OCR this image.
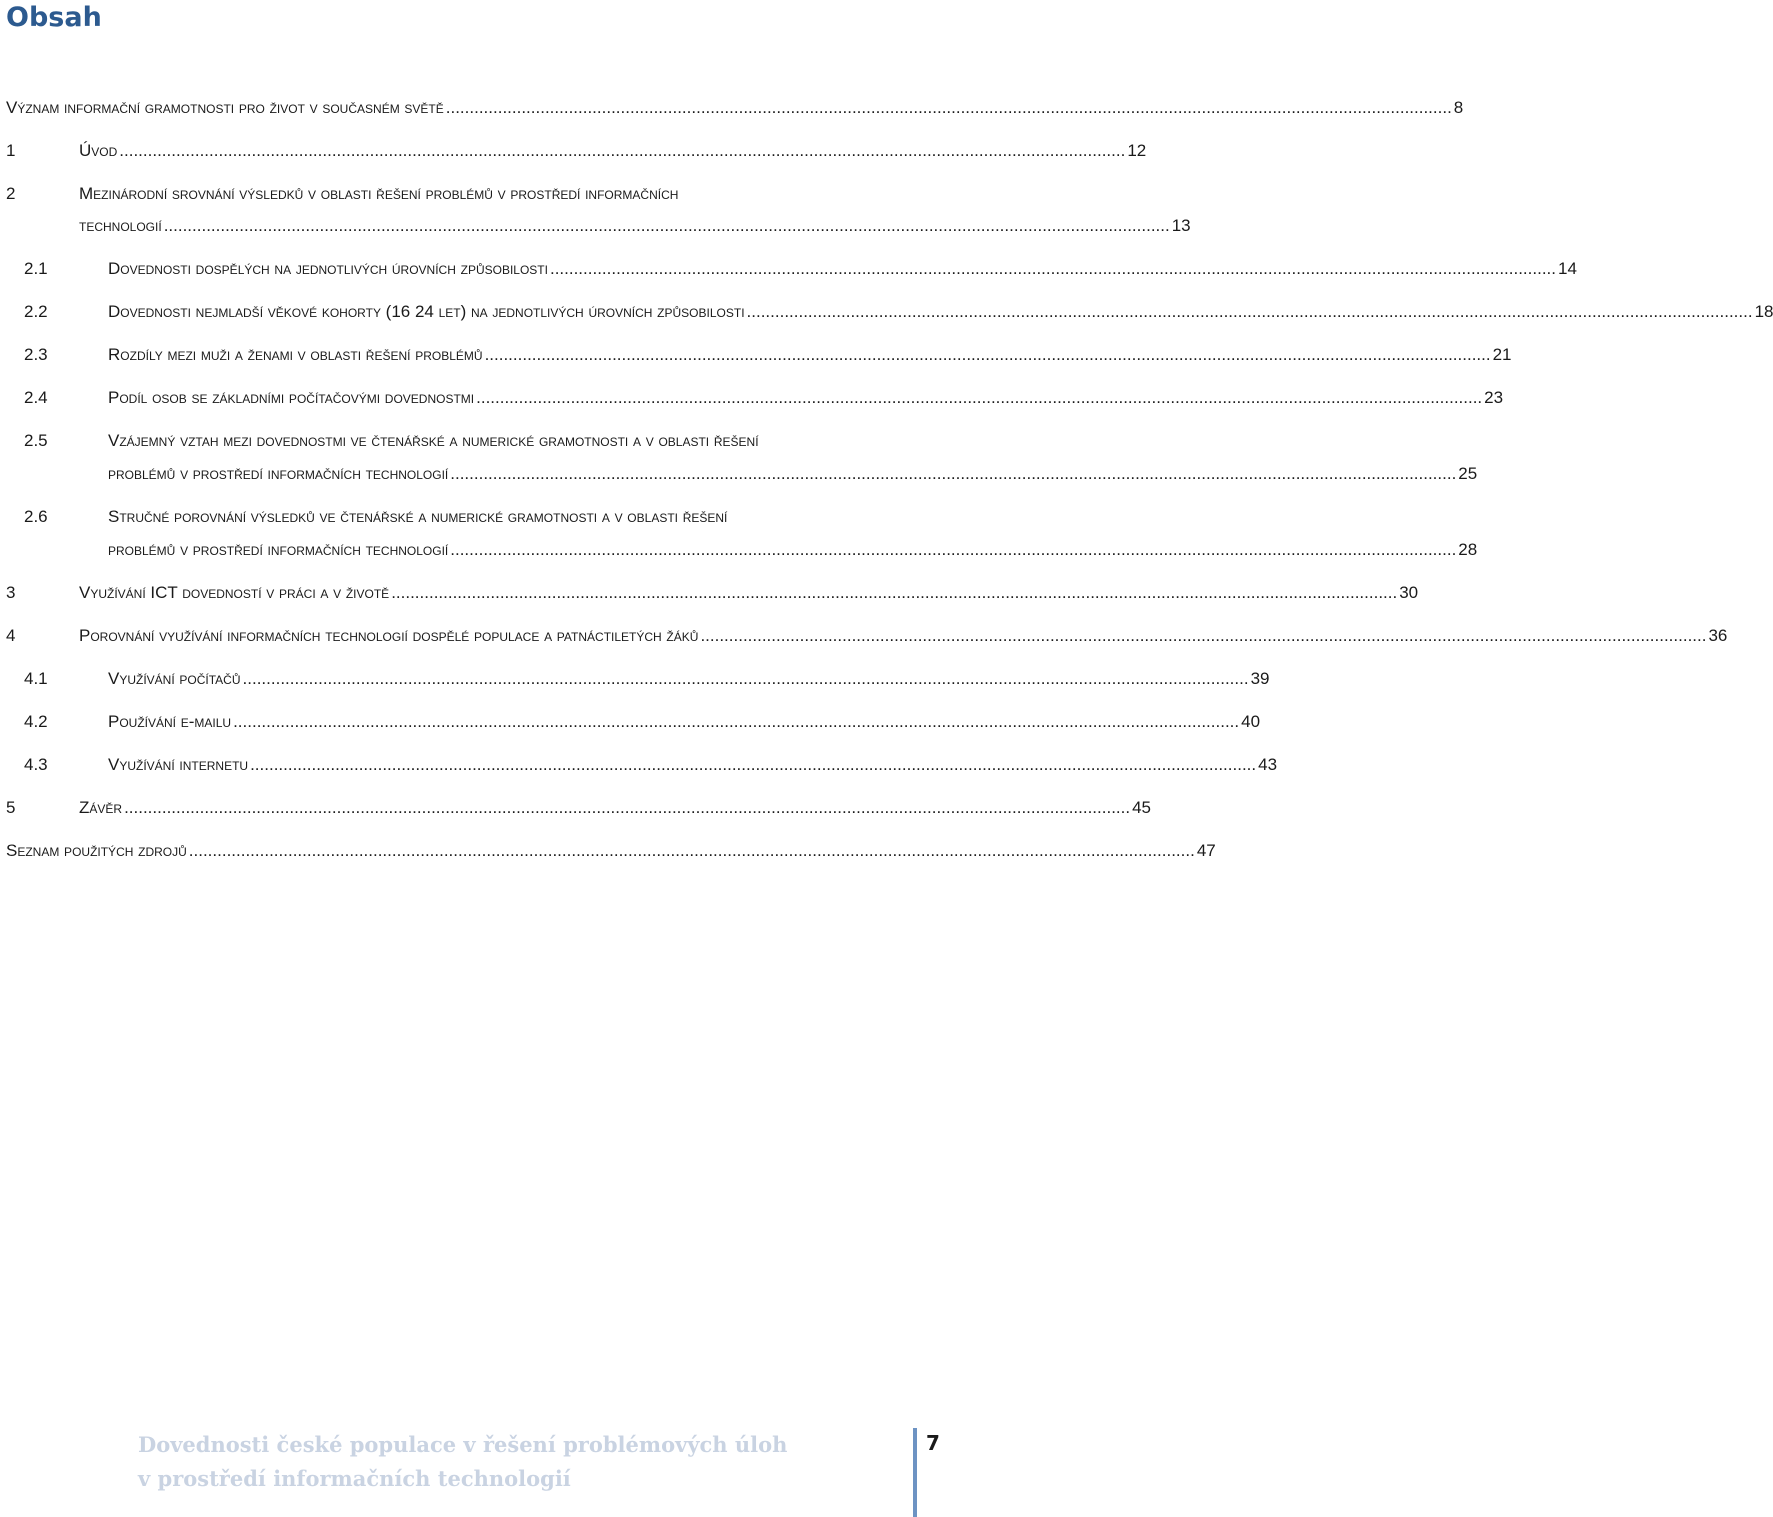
Obsah
Význam informační gramotnosti pro život v současném světě ..................................................................................................................................................................................................................... 8
1	Úvod ..................................................................................................................................................................................................................... 12
2	Mezinárodní srovnání výsledků v oblasti řešení problémů v prostředí informačních
technologií ..................................................................................................................................................................................................................... 13
2.1	Dovednosti dospělých na jednotlivých úrovních způsobilosti ..................................................................................................................................................................................................................... 14
2.2	Dovednosti nejmladší věkové kohorty (16 24 let) na jednotlivých úrovních způsobilosti ..................................................................................................................................................................................................................... 18
2.3	Rozdíly mezi muži a ženami v oblasti řešení problémů ..................................................................................................................................................................................................................... 21
2.4	Podíl osob se základními počítačovými dovednostmi ..................................................................................................................................................................................................................... 23
2.5	Vzájemný vztah mezi dovednostmi ve čtenářské a numerické gramotnosti a v oblasti řešení
problémů v prostředí informačních technologií ..................................................................................................................................................................................................................... 25
2.6	Stručné porovnání výsledků ve čtenářské a numerické gramotnosti a v oblasti řešení
problémů v prostředí informačních technologií ..................................................................................................................................................................................................................... 28
3	Využívání ICT dovedností v práci a v životě ..................................................................................................................................................................................................................... 30
4	Porovnání využívání informačních technologií dospělé populace a patnáctiletých žáků ..................................................................................................................................................................................................................... 36
4.1	Využívání počítačů ..................................................................................................................................................................................................................... 39
4.2	Používání e-mailu ..................................................................................................................................................................................................................... 40
4.3	Využívání internetu ..................................................................................................................................................................................................................... 43
5	Závěr ..................................................................................................................................................................................................................... 45
Seznam použitých zdrojů ..................................................................................................................................................................................................................... 47
Dovednosti české populace v řešení problémových úloh
v prostředí informačních technologií
7
